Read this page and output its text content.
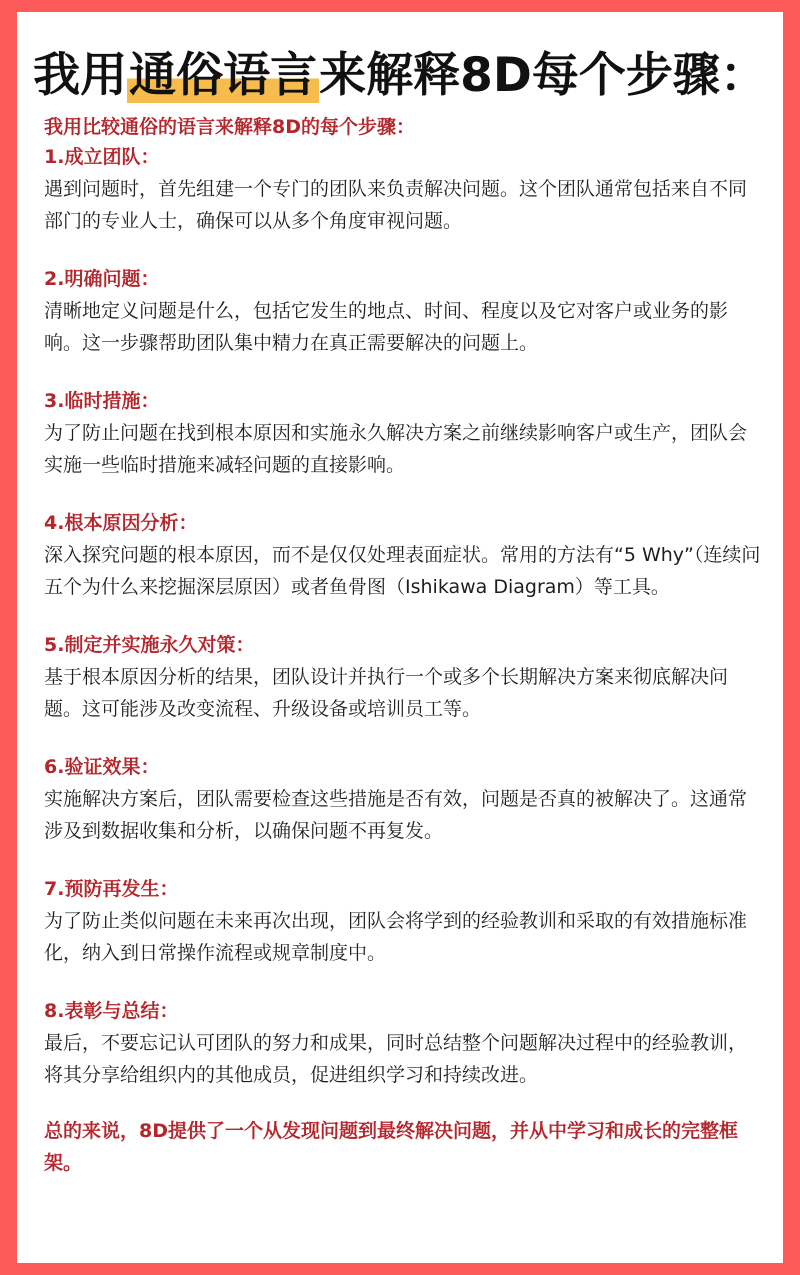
我用通俗语言来解释8D每个步骤：

我用比较通俗的语言来解释8D的每个步骤：

1.成立团队：

遇到问题时，首先组建一个专门的团队来负责解决问题。这个团队通常包括来自不同部门的专业人士，确保可以从多个角度审视问题。

2.明确问题：

清晰地定义问题是什么，包括它发生的地点、时间、程度以及它对客户或业务的影响。这一步骤帮助团队集中精力在真正需要解决的问题上。

3.临时措施：

为了防止问题在找到根本原因和实施永久解决方案之前继续影响客户或生产，团队会实施一些临时措施来减轻问题的直接影响。

4.根本原因分析：

深入探究问题的根本原因，而不是仅仅处理表面症状。常用的方法有“5 Why”（连续问五个为什么来挖掘深层原因）或者鱼骨图（Ishikawa Diagram）等工具。

5.制定并实施永久对策：

基于根本原因分析的结果，团队设计并执行一个或多个长期解决方案来彻底解决问题。这可能涉及改变流程、升级设备或培训员工等。

6.验证效果：

实施解决方案后，团队需要检查这些措施是否有效，问题是否真的被解决了。这通常涉及到数据收集和分析，以确保问题不再复发。

7.预防再发生：

为了防止类似问题在未来再次出现，团队会将学到的经验教训和采取的有效措施标准化，纳入到日常操作流程或规章制度中。

8.表彰与总结：

最后，不要忘记认可团队的努力和成果，同时总结整个问题解决过程中的经验教训，将其分享给组织内的其他成员，促进组织学习和持续改进。

总的来说，8D提供了一个从发现问题到最终解决问题，并从中学习和成长的完整框架。
